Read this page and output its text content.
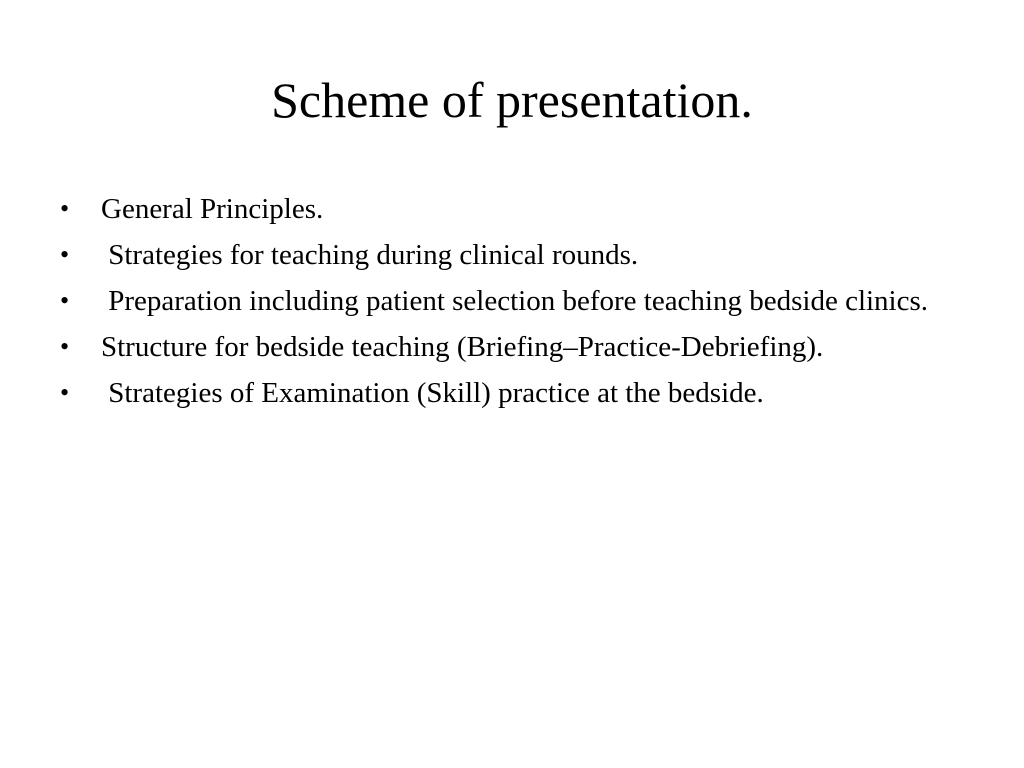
Scheme of presentation.
•	General Principles.
•	Strategies for teaching during clinical rounds.
•	Preparation including patient selection before teaching bedside clinics.
•	Structure for bedside teaching (Briefing–Practice-Debriefing).
•	Strategies of Examination (Skill) practice at the bedside.
